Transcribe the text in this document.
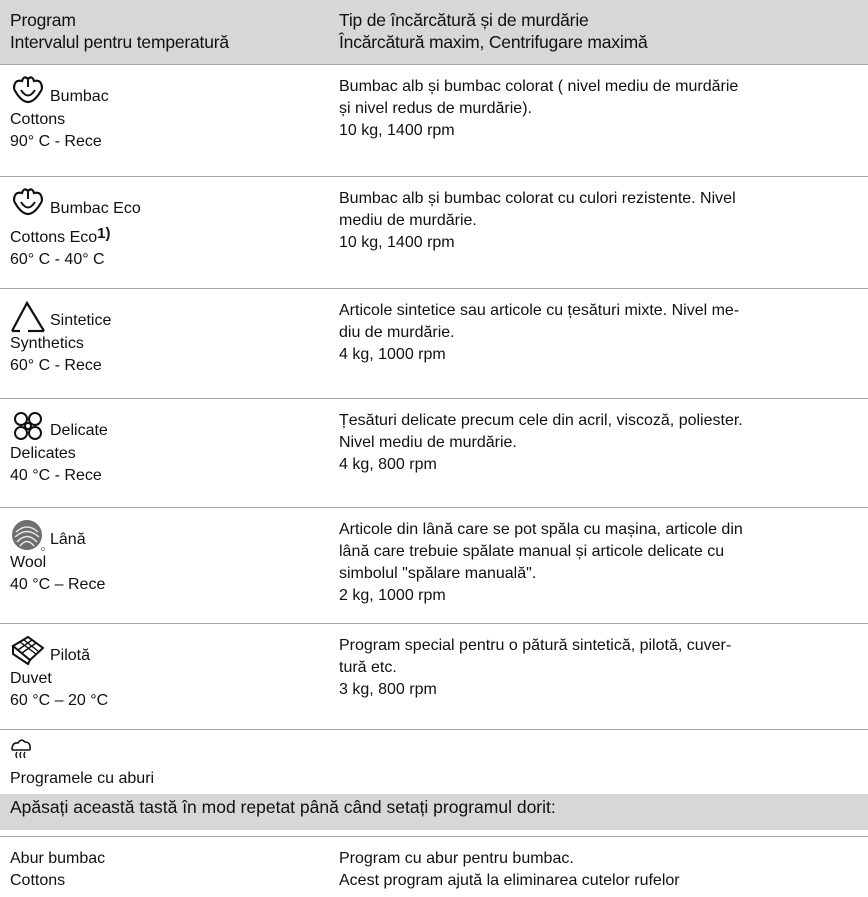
Program
Intervalul pentru temperatură
Tip de încărcătură și de murdărie
Încărcătură maxim, Centrifugare maximă
Bumbac
Cottons
90° C - Rece
Bumbac alb și bumbac colorat ( nivel mediu de murdărie
și nivel redus de murdărie).
10 kg, 1400 rpm
Bumbac Eco
Cottons Eco1)
60° C - 40° C
Bumbac alb și bumbac colorat cu culori rezistente. Nivel
mediu de murdărie.
10 kg, 1400 rpm
Sintetice
Synthetics
60° C - Rece
Articole sintetice sau articole cu țesături mixte. Nivel me-
diu de murdărie.
4 kg, 1000 rpm
Delicate
Delicates
40 °C - Rece
Țesături delicate precum cele din acril, viscoză, poliester.
Nivel mediu de murdărie.
4 kg, 800 rpm
Lână
Wool
40 °C – Rece
Articole din lână care se pot spăla cu mașina, articole din
lână care trebuie spălate manual și articole delicate cu
simbolul "spălare manuală".
2 kg, 1000 rpm
Pilotă
Duvet
60 °C – 20 °C
Program special pentru o pătură sintetică, pilotă, cuver-
tură etc.
3 kg, 800 rpm
Programele cu aburi
Apăsați această tastă în mod repetat până când setați programul dorit:
Abur bumbac
Cottons
Program cu abur pentru bumbac.
Acest program ajută la eliminarea cutelor rufelor
